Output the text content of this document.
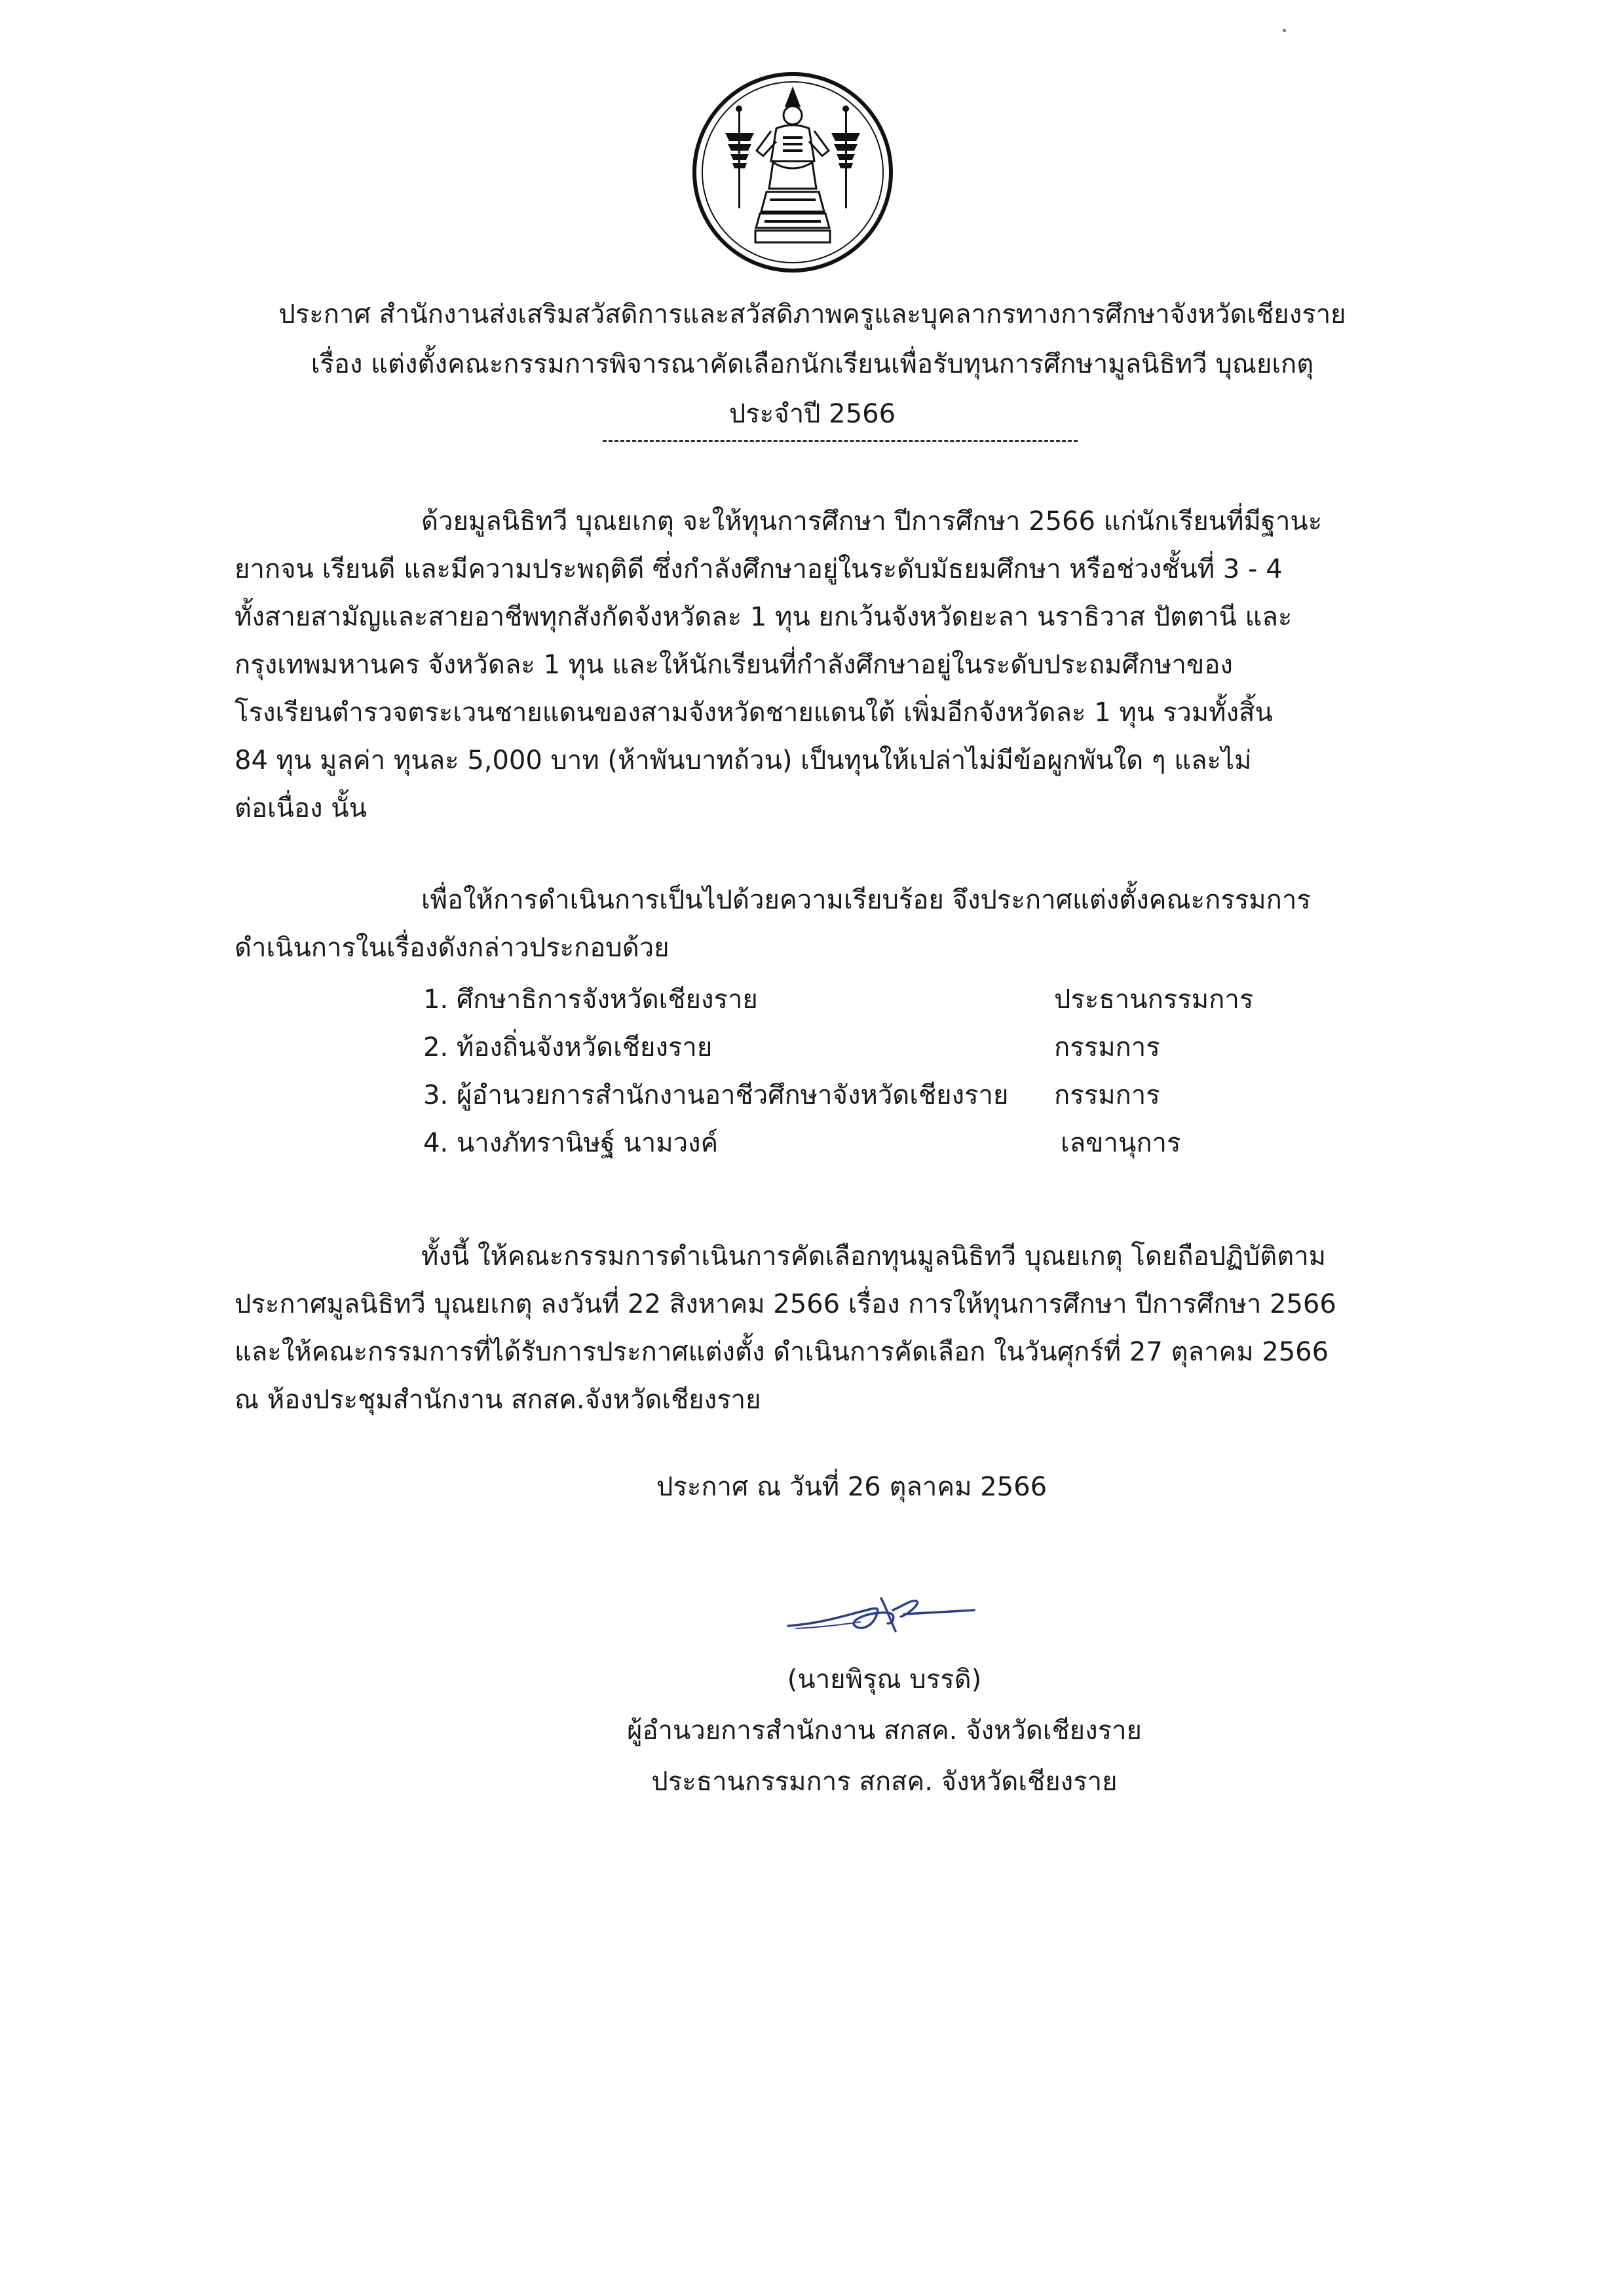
ประกาศ สำนักงานส่งเสริมสวัสดิการและสวัสดิภาพครูและบุคลากรทางการศึกษาจังหวัดเชียงราย
เรื่อง แต่งตั้งคณะกรรมการพิจารณาคัดเลือกนักเรียนเพื่อรับทุนการศึกษามูลนิธิทวี บุณยเกตุ
ประจำปี 2566
ด้วยมูลนิธิทวี บุณยเกตุ จะให้ทุนการศึกษา ปีการศึกษา 2566 แก่นักเรียนที่มีฐานะ
ยากจน เรียนดี และมีความประพฤติดี ซึ่งกำลังศึกษาอยู่ในระดับมัธยมศึกษา หรือช่วงชั้นที่ 3 - 4
ทั้งสายสามัญและสายอาชีพทุกสังกัดจังหวัดละ 1 ทุน ยกเว้นจังหวัดยะลา นราธิวาส ปัตตานี และ
กรุงเทพมหานคร จังหวัดละ 1 ทุน และให้นักเรียนที่กำลังศึกษาอยู่ในระดับประถมศึกษาของ
โรงเรียนตำรวจตระเวนชายแดนของสามจังหวัดชายแดนใต้ เพิ่มอีกจังหวัดละ 1 ทุน รวมทั้งสิ้น
84 ทุน มูลค่า ทุนละ 5,000 บาท (ห้าพันบาทถ้วน) เป็นทุนให้เปล่าไม่มีข้อผูกพันใด ๆ และไม่
ต่อเนื่อง นั้น
เพื่อให้การดำเนินการเป็นไปด้วยความเรียบร้อย จึงประกาศแต่งตั้งคณะกรรมการ
ดำเนินการในเรื่องดังกล่าวประกอบด้วย
1. ศึกษาธิการจังหวัดเชียงราย	ประธานกรรมการ
2. ท้องถิ่นจังหวัดเชียงราย	กรรมการ
3. ผู้อำนวยการสำนักงานอาชีวศึกษาจังหวัดเชียงราย กรรมการ
4. นางภัทรานิษฐ์ นามวงค์	เลขานุการ
ทั้งนี้ ให้คณะกรรมการดำเนินการคัดเลือกทุนมูลนิธิทวี บุณยเกตุ โดยถือปฏิบัติตาม
ประกาศมูลนิธิทวี บุณยเกตุ ลงวันที่ 22 สิงหาคม 2566 เรื่อง การให้ทุนการศึกษา ปีการศึกษา 2566
และให้คณะกรรมการที่ได้รับการประกาศแต่งตั้ง ดำเนินการคัดเลือก ในวันศุกร์ที่ 27 ตุลาคม 2566
ณ ห้องประชุมสำนักงาน สกสค.จังหวัดเชียงราย
ประกาศ ณ วันที่ 26 ตุลาคม 2566
(นายพิรุณ บรรดิ)
ผู้อำนวยการสำนักงาน สกสค. จังหวัดเชียงราย
ประธานกรรมการ สกสค. จังหวัดเชียงราย
